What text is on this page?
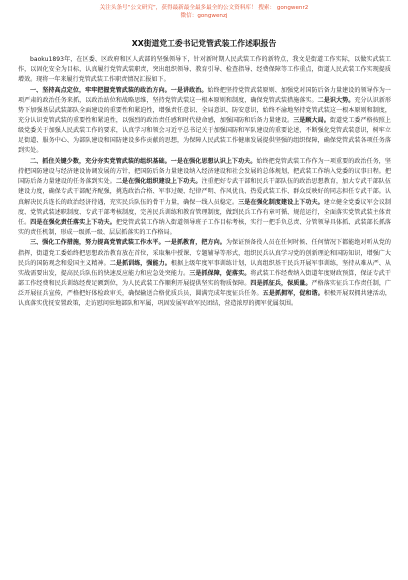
关注头条号“公文研究”，获得最新最全最多最全的公文资料库！ 搜索： gongwenr2
微信：gongwenzj
XX街道党工委书记党管武装工作述职报告

baoku1893年，在区委、区政府和区人武部的坚强领导下，针对新时期人民武装工作的新特点，我文是街道工作实际，以做实武装工作，以固化安全为目标，认真履行党管武装职责，突出组织领导、教育引导、检查指导、经费保障等工作重点，街道人民武装工作实现提质增效。现将一年来履行党管武装工作职责情况汇报如下。

一、坚持高点定位，牢牢把握党管武装的政治方向。一是讲政治。始终把坚持党管武装原则、加强党对国防后备力量建设的领导作为一项严肃的政治任务来抓，以政治站位和战略思维，坚持党管武装这一根本原则和制度，确保党管武装措施落实。二是识大势。充分认识新形势下加强基层武装部队全面建设的重要性和紧迫性，增强责任意识、全局意识、防安意识，始终不渝地坚持党管武装这一根本原则和制度，充分认识党管武装的重要性和紧迫性，以强烈的政治责任感和时代使命感，加强国防和后备力量建设。三是顾大局。街道党工委严格按照上级党委关于加强人民武装工作的要求，认真学习和领会习近平总书记关于加强国防和军队建设的重要论述，不断强化党管武装意识，树牢立足街道、服务中心、为部队建设和国防建设多作贡献的思想，为保障人民武装工作健康发展提供坚强的组织保障，确保党管武装各项任务落到实处。

二、抓住关键少数，充分夯实党管武装的组织基础。一是在强化思想认识上下功夫。始终把党管武装工作作为一项重要的政治任务，坚持把国防建设与经济建设协调发展的方针，把国防后备力量建设纳入经济建设和社会发展的总体规划，把武装工作纳入党委的议事日程。把国防后备力量建设的任务落到实处。二是在强化组织建设上下功夫。注重把好专武干部和民兵干部队伍的政治思想教育，加大专武干部队伍建设力度，确保专武干部配齐配强，挑选政治合格、军事过硬、纪律严明、作风优良、热爱武装工作、群众反映好的同志担任专武干部。认真解决民兵连长的政治经济待遇，充实民兵队伍的骨干力量，确保一线人员稳定。三是在强化制度建设上下功夫。建立健全党委议军会议制度、党管武装述职制度、专武干部考核制度，完善民兵训练和教育管理制度，做到民兵工作有章可循、规范运行，全面落实党管武装主体责任。四是在强化责任落实上下功夫。把党管武装工作纳入街道领导班子工作目标考核，实行一把手负总责、分管领导具体抓、武装部长抓落实的责任机制，形成一级抓一级、层层抓落实的工作格局。

三、强化工作措施，努力提高党管武装工作水平。一是抓教育，把方向。为保证预备役人员在任何时候、任何情况下都能绝对听从党的指挥，街道党工委始终把思想政治教育放在首位，采取集中授课、专题辅导等形式，组织民兵认真学习党的创新理论和国防知识，增强广大民兵的国防观念和爱国主义精神。二是抓训练，强能力。根据上级年度军事训练计划，认真组织基干民兵开展军事训练，坚持从难从严、从实战需要出发，提高民兵队伍的快速反应能力和应急处突能力。三是抓保障，促落实。将武装工作经费纳入街道年度财政预算，保证专武干部工作经费和民兵训练经费足额到位，为人民武装工作顺利开展提供坚实的物质保障。四是抓征兵，保质量。严格落实征兵工作责任制，广泛开展征兵宣传，严格把好体检政审关，确保输送合格优质兵员，圆满完成年度征兵任务。五是抓拥军，促和谐。积极开展双拥共建活动，认真落实优抚安置政策，走访慰问驻地部队和军属，巩固发展军政军民团结，营造浓厚的拥军优属氛围。
